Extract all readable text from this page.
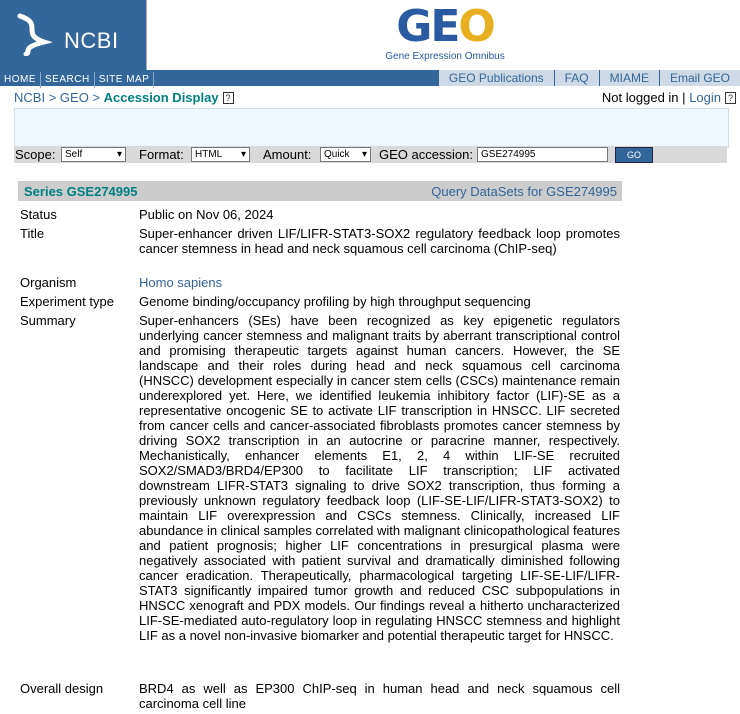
NCBI	GEO
Gene Expression Omnibus
HOME SEARCH SITE MAP	GEO Publications FAQ MIAME Email GEO
NCBI > GEO > Accession Display ?	Not logged in | Login ?
Scope: Self ▾	Format:	HTML ▾	Amount:	Quick ▾	GEO accession: GSE274995	GO
Series GSE274995	Query DataSets for GSE274995
Status	Public on Nov 06, 2024
Title	Super-enhancer driven LIF/LIFR-STAT3-SOX2 regulatory feedback loop promotes cancer stemness in head and neck squamous cell carcinoma (ChIP-seq)
Organism	Homo sapiens
Experiment type	Genome binding/occupancy profiling by high throughput sequencing
Summary	Super-enhancers (SEs) have been recognized as key epigenetic regulators underlying cancer stemness and malignant traits by aberrant transcriptional control and promising therapeutic targets against human cancers. However, the SE landscape and their roles during head and neck squamous cell carcinoma (HNSCC) development especially in cancer stem cells (CSCs) maintenance remain underexplored yet. Here, we identified leukemia inhibitory factor (LIF)-SE as a representative oncogenic SE to activate LIF transcription in HNSCC. LIF secreted from cancer cells and cancer-associated fibroblasts promotes cancer stemness by driving SOX2 transcription in an autocrine or paracrine manner, respectively. Mechanistically, enhancer elements E1, 2, 4 within LIF-SE recruited SOX2/SMAD3/BRD4/EP300 to facilitate LIF transcription; LIF activated downstream LIFR-STAT3 signaling to drive SOX2 transcription, thus forming a previously unknown regulatory feedback loop (LIF-SE-LIF/LIFR-STAT3-SOX2) to maintain LIF overexpression and CSCs stemness. Clinically, increased LIF abundance in clinical samples correlated with malignant clinicopathological features and patient prognosis; higher LIF concentrations in presurgical plasma were negatively associated with patient survival and dramatically diminished following cancer eradication. Therapeutically, pharmacological targeting LIF-SE-LIF/LIFR-STAT3 significantly impaired tumor growth and reduced CSC subpopulations in HNSCC xenograft and PDX models. Our findings reveal a hitherto uncharacterized LIF-SE-mediated auto-regulatory loop in regulating HNSCC stemness and highlight LIF as a novel non-invasive biomarker and potential therapeutic target for HNSCC.
Overall design	BRD4 as well as EP300 ChIP-seq in human head and neck squamous cell carcinoma cell line
